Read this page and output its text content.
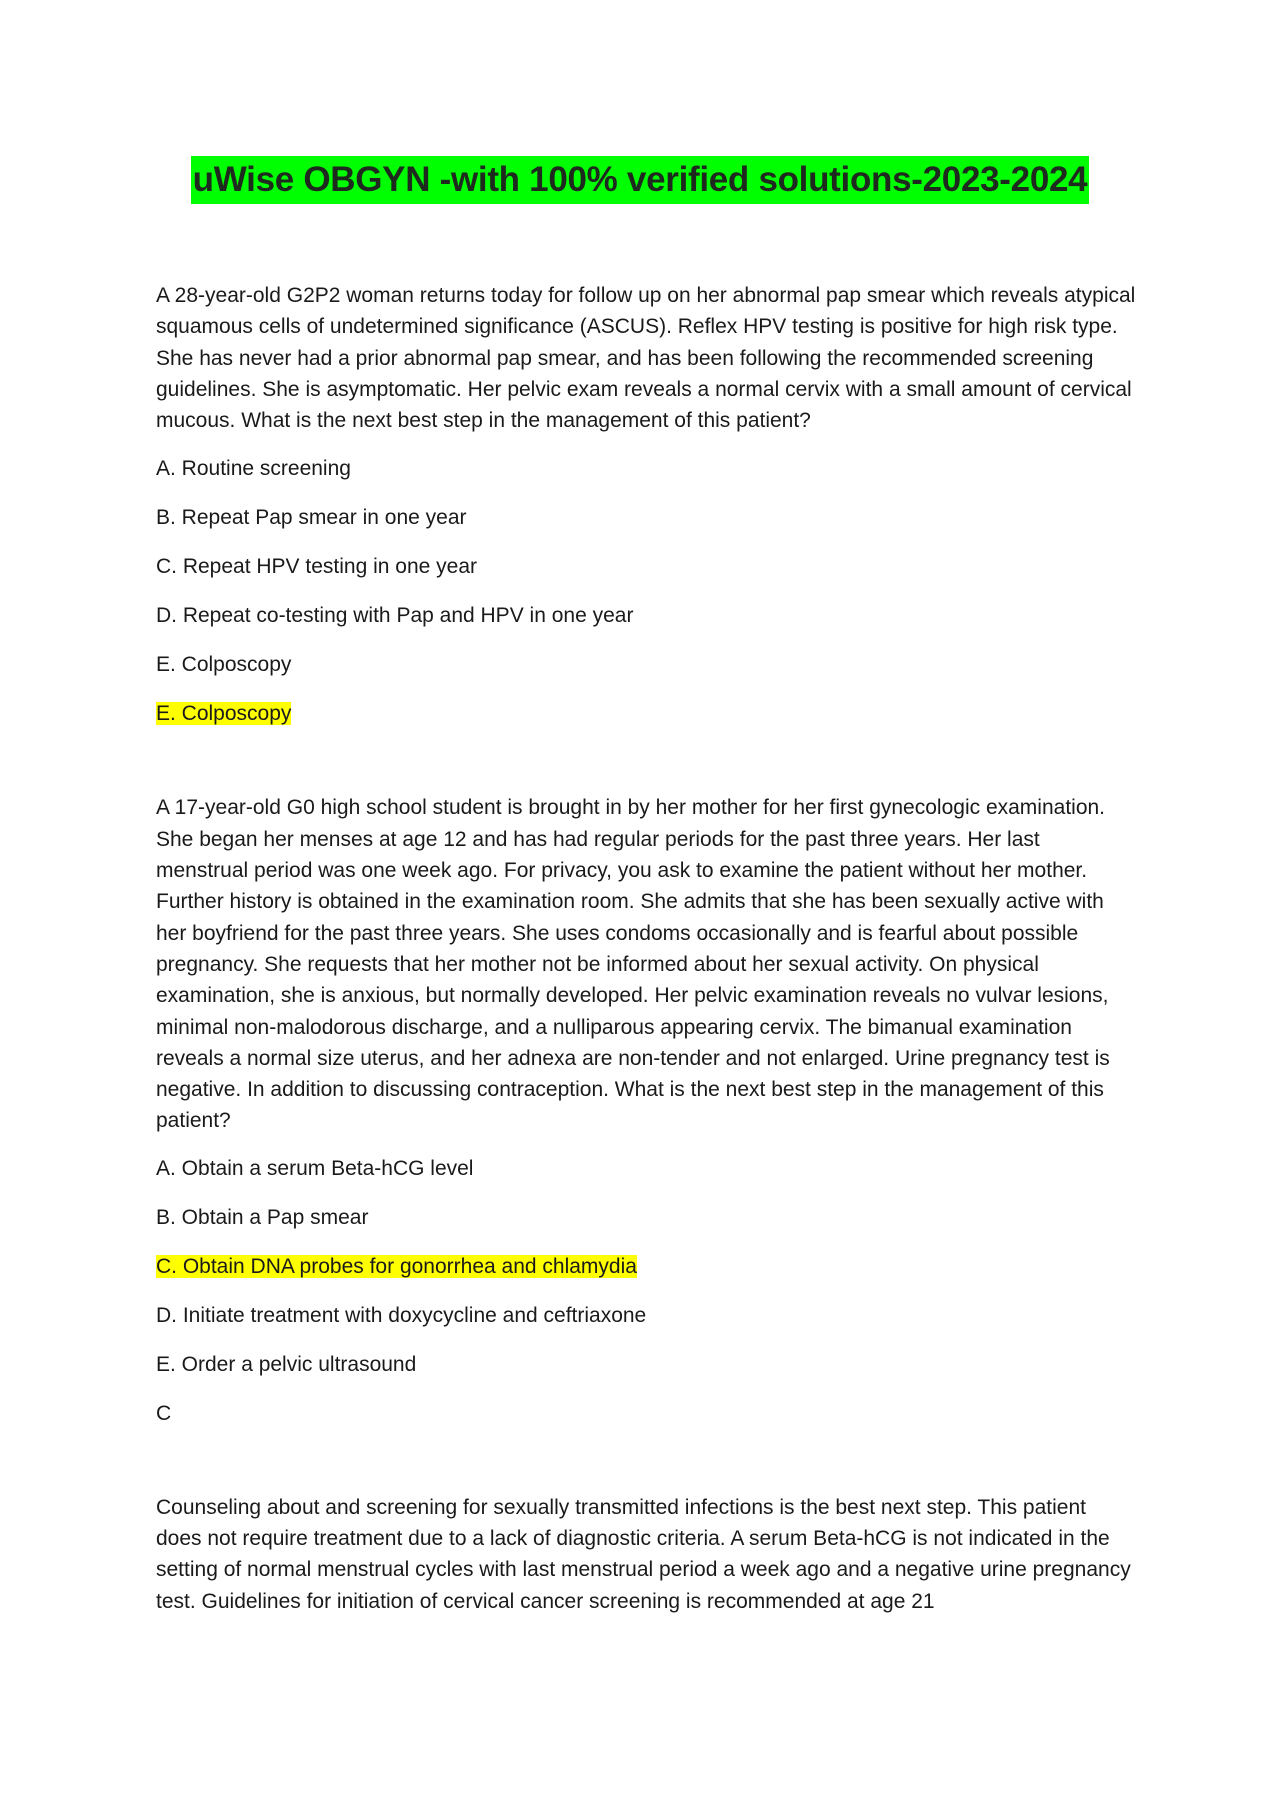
uWise OBGYN -with 100% verified solutions-2023-2024

A 28-year-old G2P2 woman returns today for follow up on her abnormal pap smear which reveals atypical squamous cells of undetermined significance (ASCUS). Reflex HPV testing is positive for high risk type. She has never had a prior abnormal pap smear, and has been following the recommended screening guidelines. She is asymptomatic. Her pelvic exam reveals a normal cervix with a small amount of cervical mucous. What is the next best step in the management of this patient?

A. Routine screening

B. Repeat Pap smear in one year

C. Repeat HPV testing in one year

D. Repeat co-testing with Pap and HPV in one year

E. Colposcopy

E. Colposcopy

A 17-year-old G0 high school student is brought in by her mother for her first gynecologic examination. She began her menses at age 12 and has had regular periods for the past three years. Her last menstrual period was one week ago. For privacy, you ask to examine the patient without her mother. Further history is obtained in the examination room. She admits that she has been sexually active with her boyfriend for the past three years. She uses condoms occasionally and is fearful about possible pregnancy. She requests that her mother not be informed about her sexual activity. On physical examination, she is anxious, but normally developed. Her pelvic examination reveals no vulvar lesions, minimal non-malodorous discharge, and a nulliparous appearing cervix. The bimanual examination reveals a normal size uterus, and her adnexa are non-tender and not enlarged. Urine pregnancy test is negative. In addition to discussing contraception. What is the next best step in the management of this patient?

A. Obtain a serum Beta-hCG level

B. Obtain a Pap smear

C. Obtain DNA probes for gonorrhea and chlamydia

D. Initiate treatment with doxycycline and ceftriaxone

E. Order a pelvic ultrasound

C

Counseling about and screening for sexually transmitted infections is the best next step. This patient does not require treatment due to a lack of diagnostic criteria. A serum Beta-hCG is not indicated in the setting of normal menstrual cycles with last menstrual period a week ago and a negative urine pregnancy test. Guidelines for initiation of cervical cancer screening is recommended at age 21
